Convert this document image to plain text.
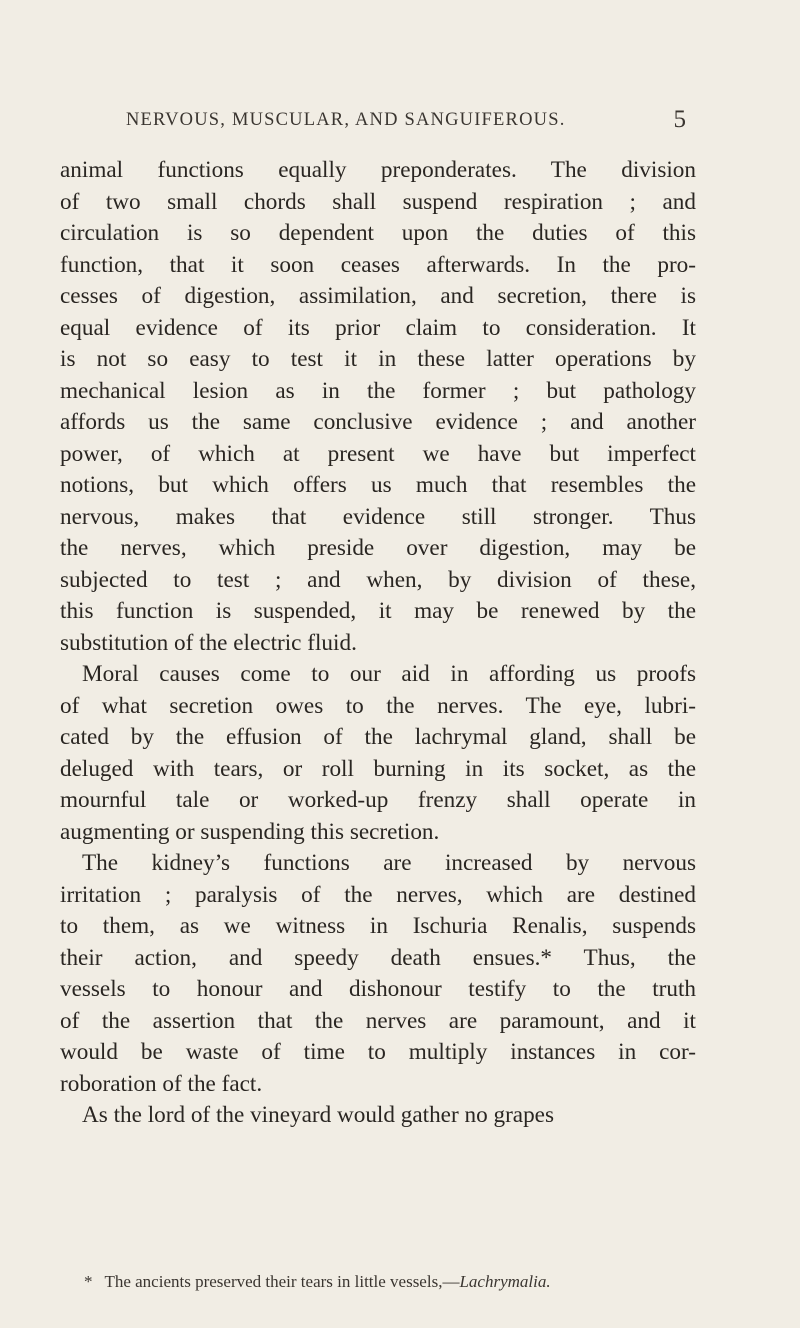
NERVOUS, MUSCULAR, AND SANGUIFEROUS.	5
animal functions equally preponderates. The division
of two small chords shall suspend respiration ; and
circulation is so dependent upon the duties of this
function, that it soon ceases afterwards. In the pro-
cesses of digestion, assimilation, and secretion, there is
equal evidence of its prior claim to consideration. It
is not so easy to test it in these latter operations by
mechanical lesion as in the former ; but pathology
affords us the same conclusive evidence ; and another
power, of which at present we have but imperfect
notions, but which offers us much that resembles the
nervous, makes that evidence still stronger. Thus
the nerves, which preside over digestion, may be
subjected to test ; and when, by division of these,
this function is suspended, it may be renewed by the
substitution of the electric fluid.
Moral causes come to our aid in affording us proofs
of what secretion owes to the nerves. The eye, lubri-
cated by the effusion of the lachrymal gland, shall be
deluged with tears, or roll burning in its socket, as the
mournful tale or worked-up frenzy shall operate in
augmenting or suspending this secretion.
The kidney’s functions are increased by nervous
irritation ; paralysis of the nerves, which are destined
to them, as we witness in Ischuria Renalis, suspends
their action, and speedy death ensues.* Thus, the
vessels to honour and dishonour testify to the truth
of the assertion that the nerves are paramount, and it
would be waste of time to multiply instances in cor-
roboration of the fact.
As the lord of the vineyard would gather no grapes
* The ancients preserved their tears in little vessels,—Lachrymalia.
